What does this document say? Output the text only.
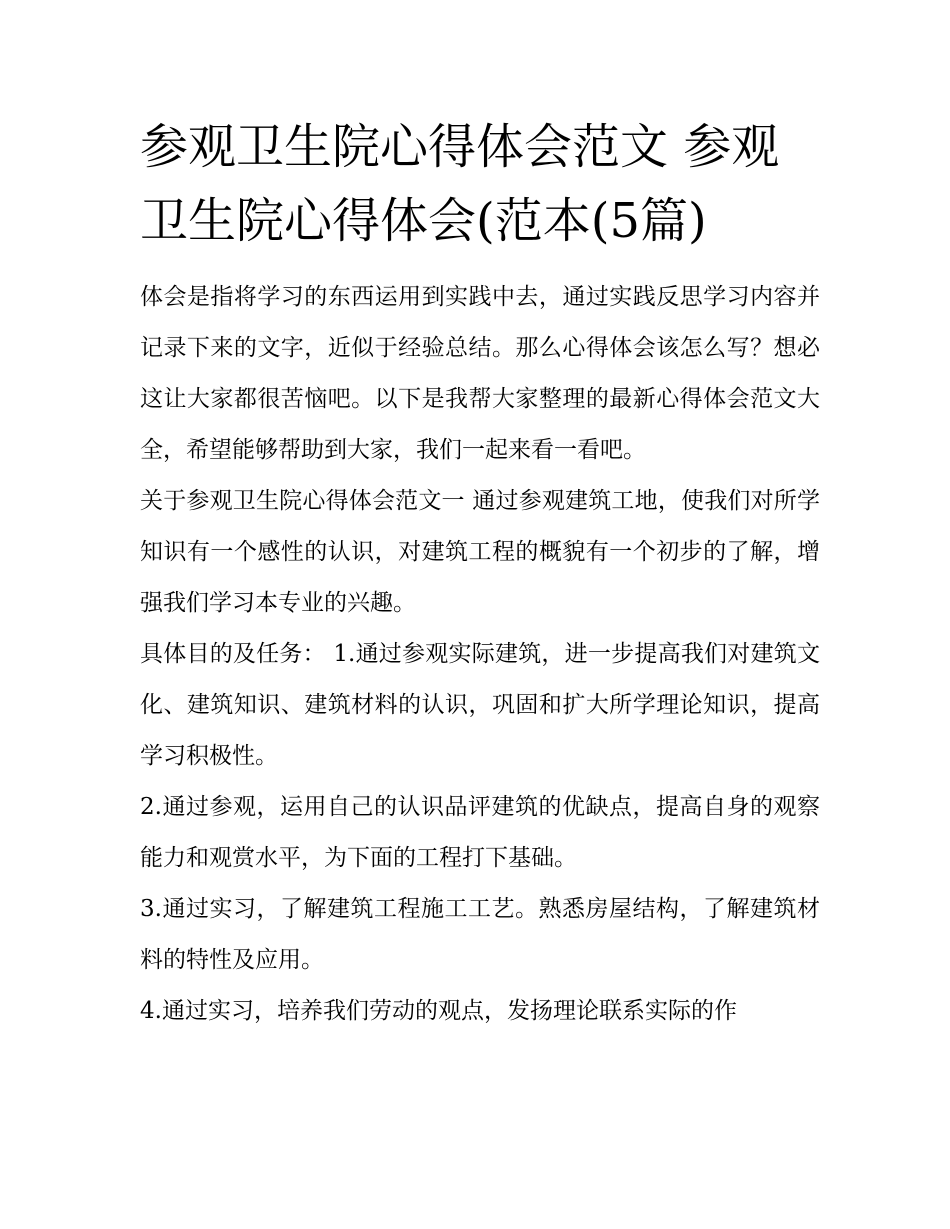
参观卫生院心得体会范文 参观卫生院心得体会(范本(5篇)

体会是指将学习的东西运用到实践中去，通过实践反思学习内容并记录下来的文字，近似于经验总结。那么心得体会该怎么写？想必这让大家都很苦恼吧。以下是我帮大家整理的最新心得体会范文大全，希望能够帮助到大家，我们一起来看一看吧。

关于参观卫生院心得体会范文一 通过参观建筑工地，使我们对所学知识有一个感性的认识，对建筑工程的概貌有一个初步的了解，增强我们学习本专业的兴趣。

具体目的及任务： 1.通过参观实际建筑，进一步提高我们对建筑文化、建筑知识、建筑材料的认识，巩固和扩大所学理论知识，提高学习积极性。

2.通过参观，运用自己的认识品评建筑的优缺点，提高自身的观察能力和观赏水平，为下面的工程打下基础。

3.通过实习，了解建筑工程施工工艺。熟悉房屋结构，了解建筑材料的特性及应用。

4.通过实习，培养我们劳动的观点，发扬理论联系实际的作
